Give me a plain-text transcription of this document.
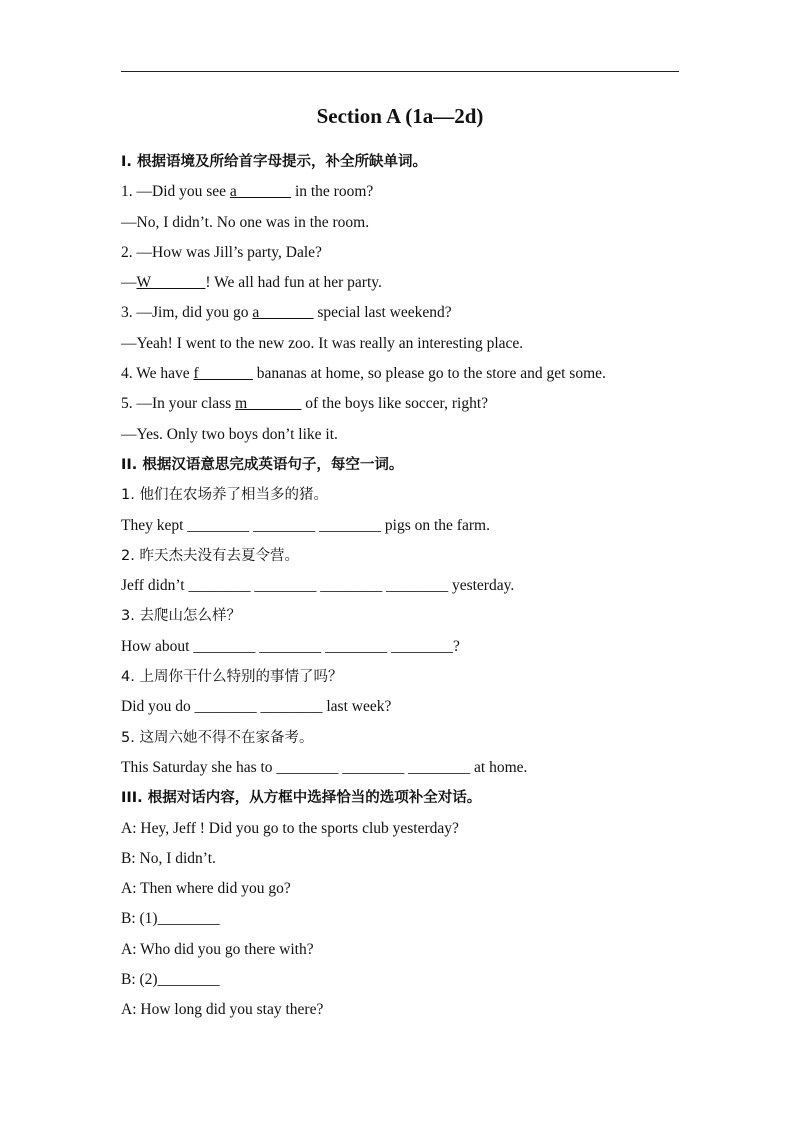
Section A (1a—2d)
I. 根据语境及所给首字母提示，补全所缺单词。
1. —Did you see a_______ in the room?
—No, I didn’t. No one was in the room.
2. —How was Jill’s party, Dale?
—W_______! We all had fun at her party.
3. —Jim, did you go a_______ special last weekend?
—Yeah! I went to the new zoo. It was really an interesting place.
4. We have f_______ bananas at home, so please go to the store and get some.
5. —In your class m_______ of the boys like soccer, right?
—Yes. Only two boys don’t like it.
II. 根据汉语意思完成英语句子，每空一词。
1. 他们在农场养了相当多的猪。
They kept ________ ________ ________ pigs on the farm.
2. 昨天杰夫没有去夏令营。
Jeff didn’t ________ ________ ________ ________ yesterday.
3. 去爬山怎么样？
How about ________ ________ ________ ________?
4. 上周你干什么特别的事情了吗？
Did you do ________ ________ last week?
5. 这周六她不得不在家备考。
This Saturday she has to ________ ________ ________ at home.
III. 根据对话内容，从方框中选择恰当的选项补全对话。
A: Hey, Jeff ! Did you go to the sports club yesterday?
B: No, I didn’t.
A: Then where did you go?
B: (1)________
A: Who did you go there with?
B: (2)________
A: How long did you stay there?
